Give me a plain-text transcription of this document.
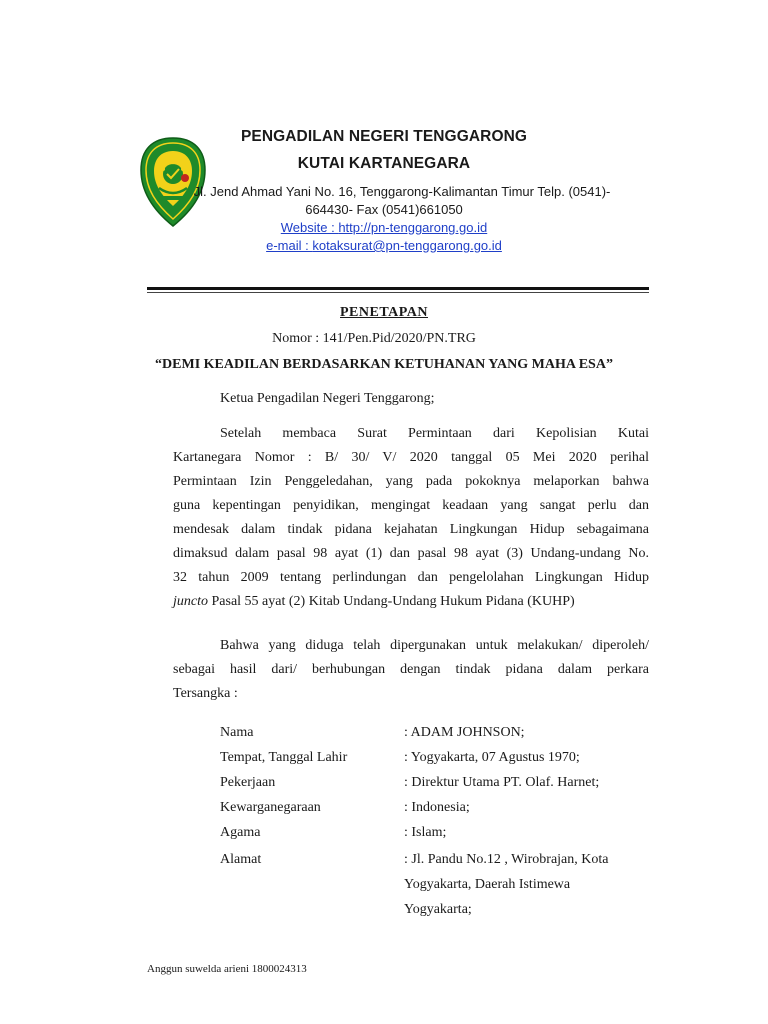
PENGADILAN NEGERI TENGGARONG
KUTAI KARTANEGARA
Jl. Jend Ahmad Yani No. 16, Tenggarong-Kalimantan Timur Telp. (0541)-
664430- Fax (0541)661050
Website : http://pn-tenggarong.go.id
e-mail : kotaksurat@pn-tenggarong.go.id
PENETAPAN
Nomor : 141/Pen.Pid/2020/PN.TRG
“DEMI KEADILAN BERDASARKAN KETUHANAN YANG MAHA ESA”
Ketua Pengadilan Negeri Tenggarong;
Setelah membaca Surat Permintaan dari Kepolisian Kutai
Kartanegara Nomor : B/ 30/ V/ 2020 tanggal 05 Mei 2020 perihal
Permintaan Izin Penggeledahan, yang pada pokoknya melaporkan bahwa
guna kepentingan penyidikan, mengingat keadaan yang sangat perlu dan
mendesak dalam tindak pidana kejahatan Lingkungan Hidup sebagaimana
dimaksud dalam pasal 98 ayat (1) dan pasal 98 ayat (3) Undang-undang No.
32 tahun 2009 tentang perlindungan dan pengelolahan Lingkungan Hidup
juncto Pasal 55 ayat (2) Kitab Undang-Undang Hukum Pidana (KUHP)
Bahwa yang diduga telah dipergunakan untuk melakukan/ diperoleh/
sebagai hasil dari/ berhubungan dengan tindak pidana dalam perkara
Tersangka :
Nama	: ADAM JOHNSON;
Tempat, Tanggal Lahir	: Yogyakarta, 07 Agustus 1970;
Pekerjaan	: Direktur Utama PT. Olaf. Harnet;
Kewarganegaraan	: Indonesia;
Agama	: Islam;
Alamat	: Jl. Pandu No.12 , Wirobrajan, Kota
Yogyakarta, Daerah Istimewa
Yogyakarta;
Anggun suwelda arieni 1800024313
